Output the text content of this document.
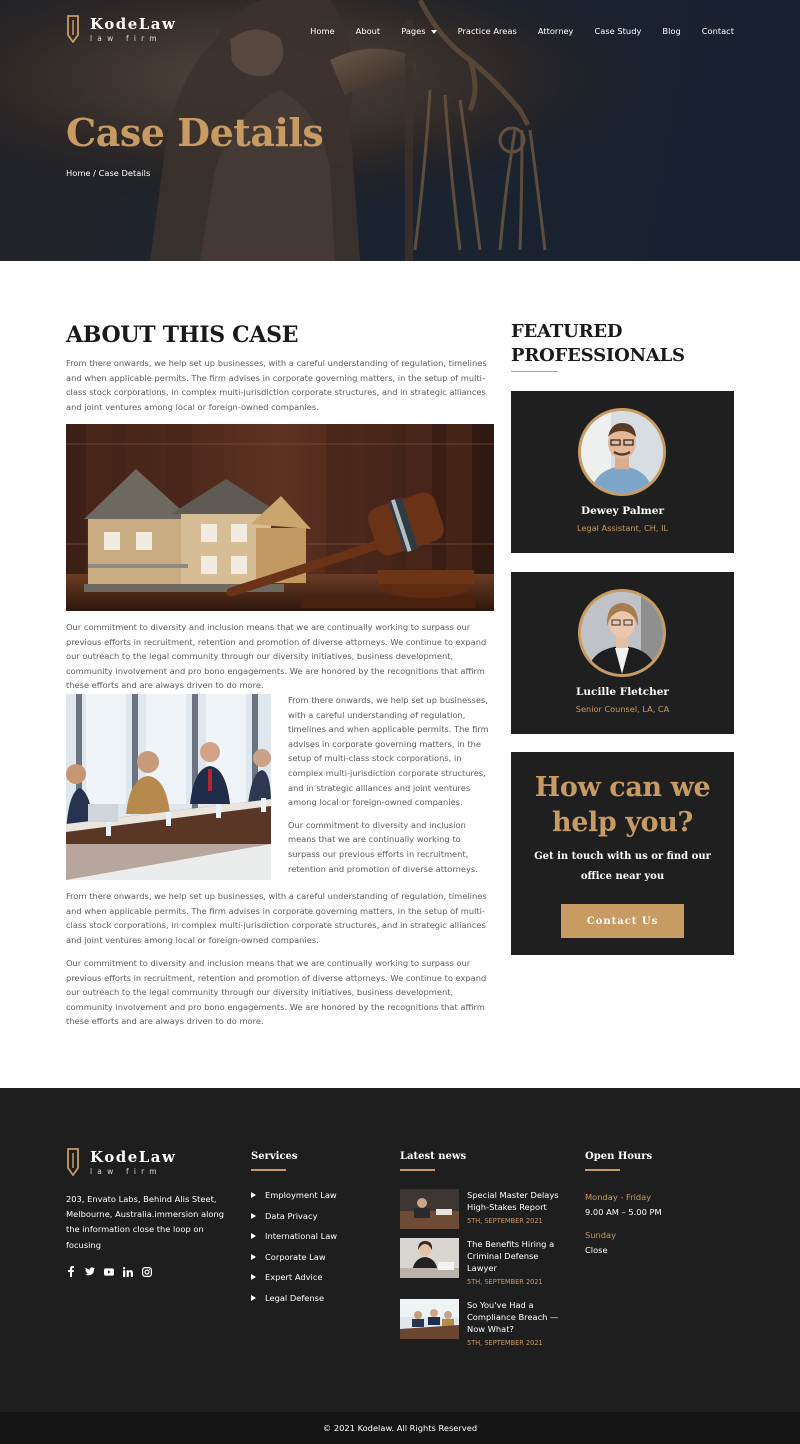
KodeLaw
law firm
Home	About	Pages	Practice Areas	Attorney	Case Study	Blog	Contact
Case Details
Home / Case Details
ABOUT THIS CASE

From there onwards, we help set up businesses, with a careful understanding of regulation, timelines and when applicable permits. The firm advises in corporate governing matters, in the setup of multi-class stock corporations, in complex multi-jurisdiction corporate structures, and in strategic alliances and joint ventures among local or foreign-owned companies.

Our commitment to diversity and inclusion means that we are continually working to surpass our previous efforts in recruitment, retention and promotion of diverse attorneys. We continue to expand our outreach to the legal community through our diversity initiatives, business development, community involvement and pro bono engagements. We are honored by the recognitions that affirm these efforts and are always driven to do more.

From there onwards, we help set up businesses, with a careful understanding of regulation, timelines and when applicable permits. The firm advises in corporate governing matters, in the setup of multi-class stock corporations, in complex multi-jurisdiction corporate structures, and in strategic alliances and joint ventures among local or foreign-owned companies.

Our commitment to diversity and inclusion means that we are continually working to surpass our previous efforts in recruitment, retention and promotion of diverse attorneys.

From there onwards, we help set up businesses, with a careful understanding of regulation, timelines and when applicable permits. The firm advises in corporate governing matters, in the setup of multi-class stock corporations, in complex multi-jurisdiction corporate structures, and in strategic alliances and joint ventures among local or foreign-owned companies.

Our commitment to diversity and inclusion means that we are continually working to surpass our previous efforts in recruitment, retention and promotion of diverse attorneys. We continue to expand our outreach to the legal community through our diversity initiatives, business development, community involvement and pro bono engagements. We are honored by the recognitions that affirm these efforts and are always driven to do more.

FEATURED
PROFESSIONALS
Dewey Palmer
Legal Assistant, CH, IL
Lucille Fletcher
Senior Counsel, LA, CA
How can we
help you?
Get in touch with us or find our office near you
Contact Us
KodeLaw
law firm

203, Envato Labs, Behind Alis Steet, Melbourne, Australia.immersion along the information close the loop on focusing

Services
Employment Law
Data Privacy
International Law
Corporate Law
Expert Advice
Legal Defense
Latest news
Special Master Delays High-Stakes Report
5TH, SEPTEMBER 2021
The Benefits Hiring a Criminal Defense Lawyer
5TH, SEPTEMBER 2021
So You've Had a Compliance Breach — Now What?
5TH, SEPTEMBER 2021
Open Hours
Monday - Friday
9.00 AM – 5.00 PM
Sunday
Close
© 2021 Kodelaw. All Rights Reserved
